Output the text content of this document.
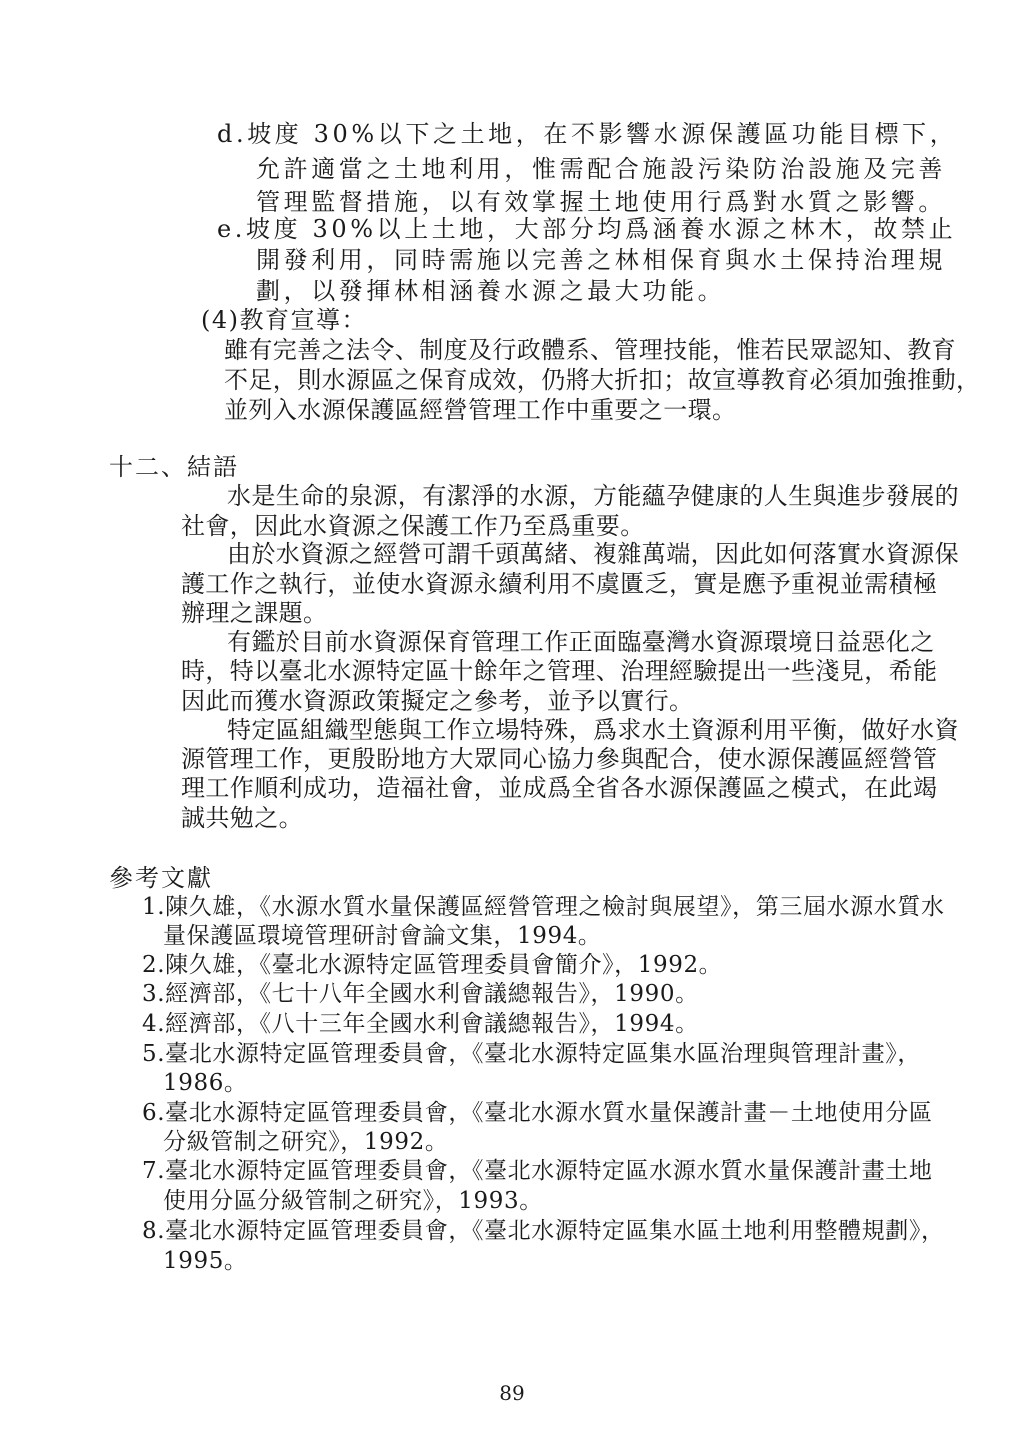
d.坡度 30%以下之土地，在不影響水源保護區功能目標下，
允許適當之土地利用，惟需配合施設污染防治設施及完善
管理監督措施，以有效掌握土地使用行爲對水質之影響。
e.坡度 30%以上土地，大部分均爲涵養水源之林木，故禁止
開發利用，同時需施以完善之林相保育與水土保持治理規
劃，以發揮林相涵養水源之最大功能。
(4)教育宣導：
雖有完善之法令、制度及行政體系、管理技能，惟若民眾認知、教育
不足，則水源區之保育成效，仍將大折扣；故宣導教育必須加強推動，
並列入水源保護區經營管理工作中重要之一環。
十二、結語
水是生命的泉源，有潔淨的水源，方能蘊孕健康的人生與進步發展的
社會，因此水資源之保護工作乃至爲重要。
由於水資源之經營可謂千頭萬緒、複雜萬端，因此如何落實水資源保
護工作之執行，並使水資源永續利用不虞匱乏，實是應予重視並需積極
辦理之課題。
有鑑於目前水資源保育管理工作正面臨臺灣水資源環境日益惡化之
時，特以臺北水源特定區十餘年之管理、治理經驗提出一些淺見，希能
因此而獲水資源政策擬定之參考，並予以實行。
特定區組織型態與工作立場特殊，爲求水土資源利用平衡，做好水資
源管理工作，更殷盼地方大眾同心協力參與配合，使水源保護區經營管
理工作順利成功，造福社會，並成爲全省各水源保護區之模式，在此竭
誠共勉之。
參考文獻
1.陳久雄，《水源水質水量保護區經營管理之檢討與展望》，第三屆水源水質水
量保護區環境管理研討會論文集，1994。
2.陳久雄，《臺北水源特定區管理委員會簡介》，1992。
3.經濟部，《七十八年全國水利會議總報告》，1990。
4.經濟部，《八十三年全國水利會議總報告》，1994。
5.臺北水源特定區管理委員會，《臺北水源特定區集水區治理與管理計畫》，
1986。
6.臺北水源特定區管理委員會，《臺北水源水質水量保護計畫－土地使用分區
分級管制之研究》，1992。
7.臺北水源特定區管理委員會，《臺北水源特定區水源水質水量保護計畫土地
使用分區分級管制之研究》，1993。
8.臺北水源特定區管理委員會，《臺北水源特定區集水區土地利用整體規劃》，
1995。
89
